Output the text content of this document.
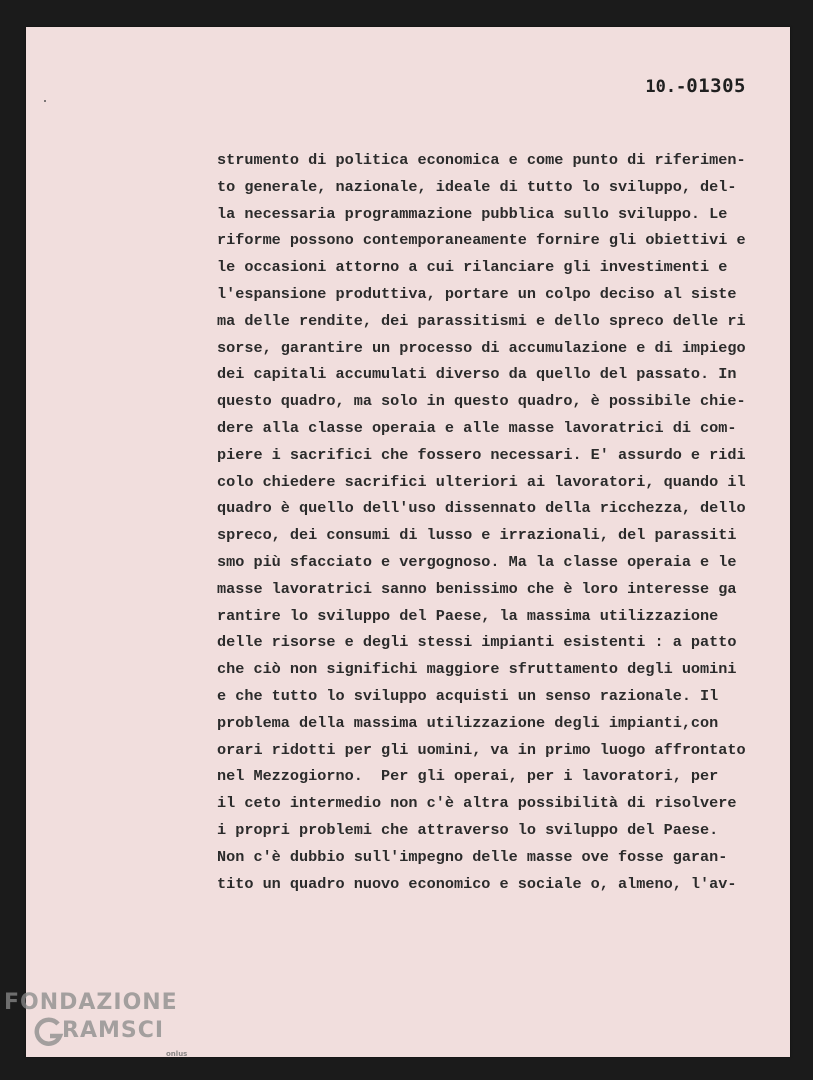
10.-01305
strumento di politica economica e come punto di riferimen-
to generale, nazionale, ideale di tutto lo sviluppo, del-
la necessaria programmazione pubblica sullo sviluppo. Le
riforme possono contemporaneamente fornire gli obiettivi e
le occasioni attorno a cui rilanciare gli investimenti e
l'espansione produttiva, portare un colpo deciso al siste
ma delle rendite, dei parassitismi e dello spreco delle ri
sorse, garantire un processo di accumulazione e di impiego
dei capitali accumulati diverso da quello del passato. In
questo quadro, ma solo in questo quadro, è possibile chie-
dere alla classe operaia e alle masse lavoratrici di com-
piere i sacrifici che fossero necessari. E' assurdo e ridi
colo chiedere sacrifici ulteriori ai lavoratori, quando il
quadro è quello dell'uso dissennato della ricchezza, dello
spreco, dei consumi di lusso e irrazionali, del parassiti
smo più sfacciato e vergognoso. Ma la classe operaia e le
masse lavoratrici sanno benissimo che è loro interesse ga
rantire lo sviluppo del Paese, la massima utilizzazione
delle risorse e degli stessi impianti esistenti : a patto
che ciò non significhi maggiore sfruttamento degli uomini
e che tutto lo sviluppo acquisti un senso razionale. Il
problema della massima utilizzazione degli impianti,con
orari ridotti per gli uomini, va in primo luogo affrontato
nel Mezzogiorno.  Per gli operai, per i lavoratori, per
il ceto intermedio non c'è altra possibilità di risolvere
i propri problemi che attraverso lo sviluppo del Paese.
Non c'è dubbio sull'impegno delle masse ove fosse garan-
tito un quadro nuovo economico e sociale o, almeno, l'av-
FONDAZIONE
RAMSCI
onlus
